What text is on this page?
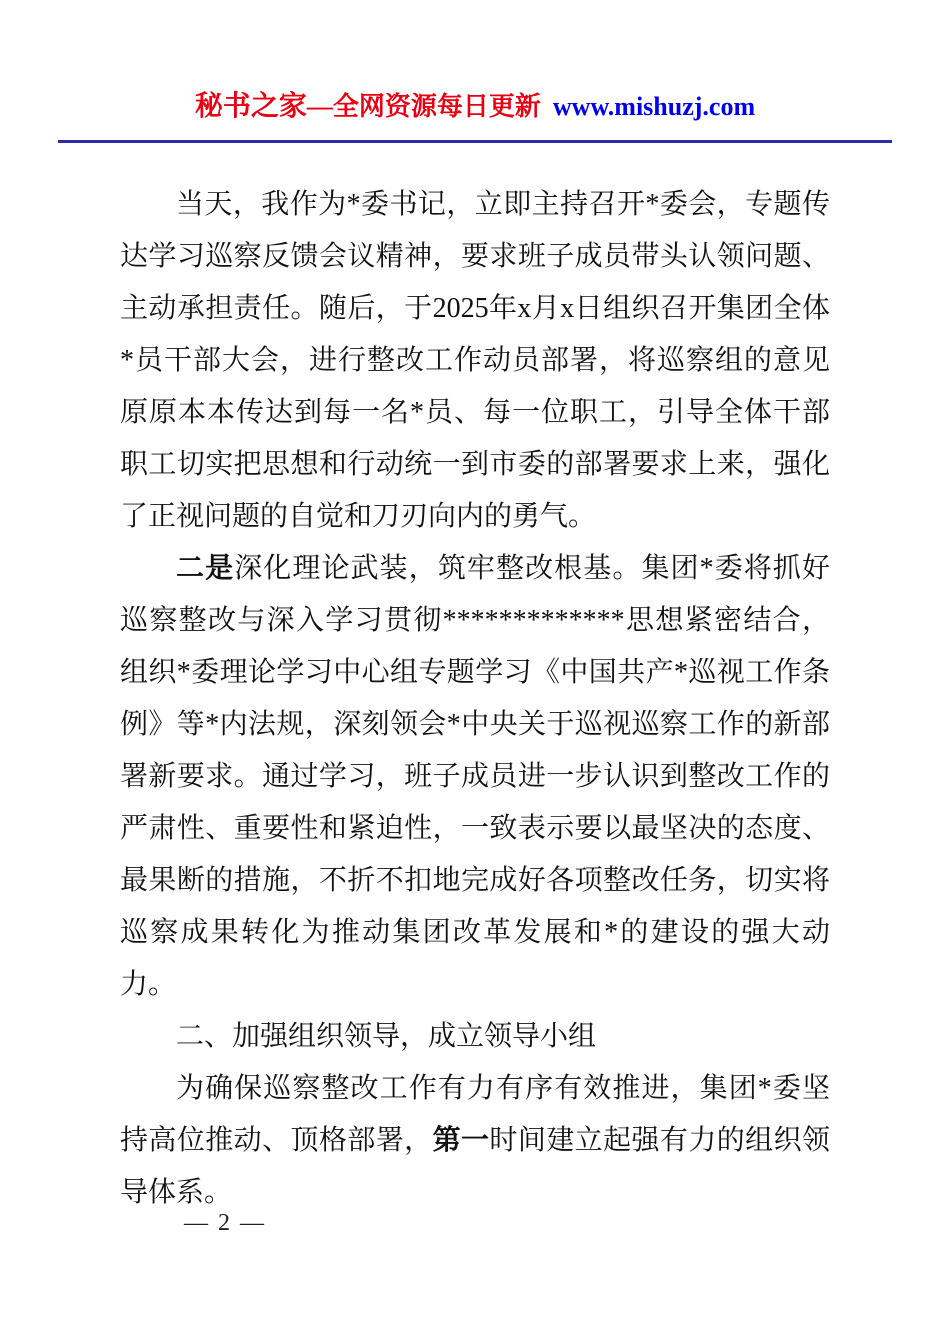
秘书之家—全网资源每日更新 www.mishuzj.com

当天，我作为*委书记，立即主持召开*委会，专题传达学习巡察反馈会议精神，要求班子成员带头认领问题、主动承担责任。随后，于2025年x月x日组织召开集团全体*员干部大会，进行整改工作动员部署，将巡察组的意见原原本本传达到每一名*员、每一位职工，引导全体干部职工切实把思想和行动统一到市委的部署要求上来，强化了正视问题的自觉和刀刃向内的勇气。

二是深化理论武装，筑牢整改根基。集团*委将抓好巡察整改与深入学习贯彻*************思想紧密结合，组织*委理论学习中心组专题学习《中国共产*巡视工作条例》等*内法规，深刻领会*中央关于巡视巡察工作的新部署新要求。通过学习，班子成员进一步认识到整改工作的严肃性、重要性和紧迫性，一致表示要以最坚决的态度、最果断的措施，不折不扣地完成好各项整改任务，切实将巡察成果转化为推动集团改革发展和*的建设的强大动力。

二、加强组织领导，成立领导小组

为确保巡察整改工作有力有序有效推进，集团*委坚持高位推动、顶格部署，第一时间建立起强有力的组织领导体系。

— 2 —
